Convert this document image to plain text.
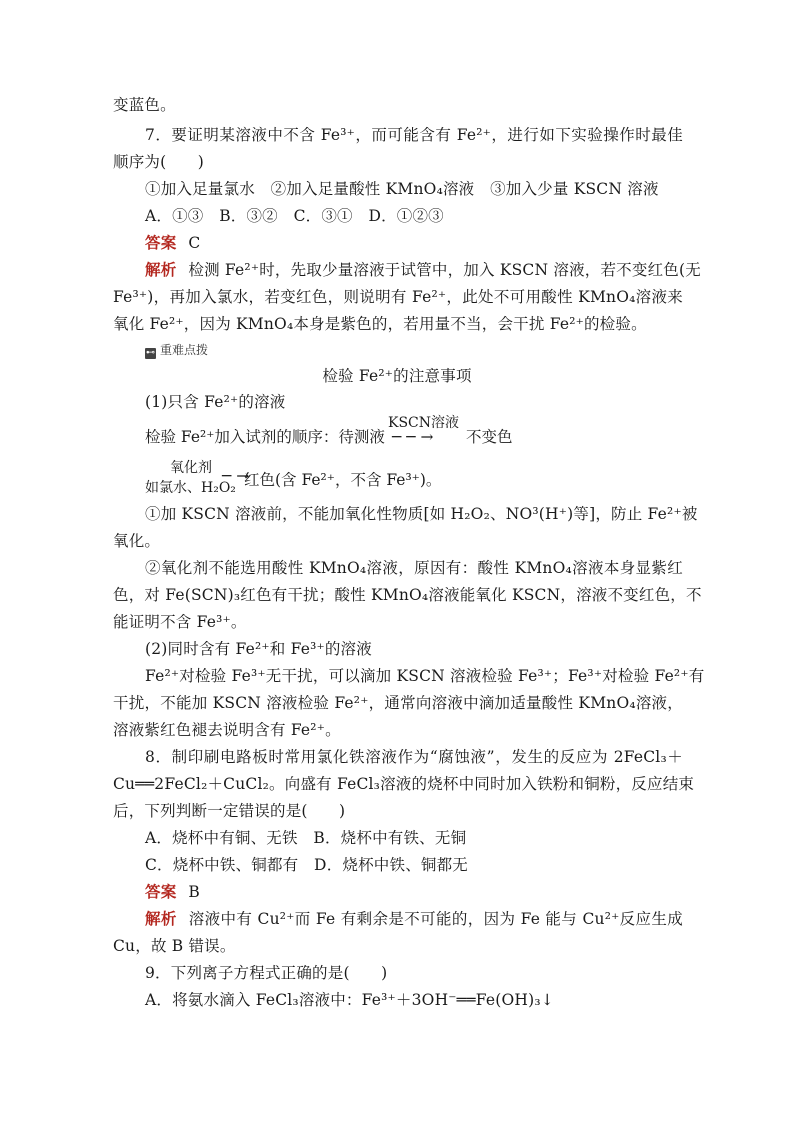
变蓝色。
7．要证明某溶液中不含 Fe³⁺，而可能含有 Fe²⁺，进行如下实验操作时最佳
顺序为(　　)
①加入足量氯水　②加入足量酸性 KMnO₄溶液　③加入少量 KSCN 溶液
A．①③　B．③②　C．③①　D．①②③
答案 C
解析 检测 Fe²⁺时，先取少量溶液于试管中，加入 KSCN 溶液，若不变红色(无
Fe³⁺)，再加入氯水，若变红色，则说明有 Fe²⁺，此处不可用酸性 KMnO₄溶液来
氧化 Fe²⁺，因为 KMnO₄本身是紫色的，若用量不当，会干扰 Fe²⁺的检验。
⊷ 重难点拨
检验 Fe²⁺的注意事项
(1)只含 Fe²⁺的溶液
检验 Fe²⁺加入试剂的顺序：待测液
KSCN溶液
─ ─ → 不变色
氧化剂
如氯水、H₂O₂
─ →
红色(含 Fe²⁺，不含 Fe³⁺)。
①加 KSCN 溶液前，不能加氧化性物质[如 H₂O₂、NO³(H⁺)等]，防止 Fe²⁺被
氧化。
②氧化剂不能选用酸性 KMnO₄溶液，原因有：酸性 KMnO₄溶液本身显紫红
色，对 Fe(SCN)₃红色有干扰；酸性 KMnO₄溶液能氧化 KSCN，溶液不变红色，不
能证明不含 Fe³⁺。
(2)同时含有 Fe²⁺和 Fe³⁺的溶液
Fe²⁺对检验 Fe³⁺无干扰，可以滴加 KSCN 溶液检验 Fe³⁺；Fe³⁺对检验 Fe²⁺有
干扰，不能加 KSCN 溶液检验 Fe²⁺，通常向溶液中滴加适量酸性 KMnO₄溶液，
溶液紫红色褪去说明含有 Fe²⁺。
8．制印刷电路板时常用氯化铁溶液作为“腐蚀液”，发生的反应为 2FeCl₃＋
Cu══2FeCl₂＋CuCl₂。向盛有 FeCl₃溶液的烧杯中同时加入铁粉和铜粉，反应结束
后，下列判断一定错误的是(　　)
A．烧杯中有铜、无铁　B．烧杯中有铁、无铜
C．烧杯中铁、铜都有　D．烧杯中铁、铜都无
答案 B
解析 溶液中有 Cu²⁺而 Fe 有剩余是不可能的，因为 Fe 能与 Cu²⁺反应生成
Cu，故 B 错误。
9．下列离子方程式正确的是(　　)
A．将氨水滴入 FeCl₃溶液中：Fe³⁺＋3OH⁻══Fe(OH)₃↓
